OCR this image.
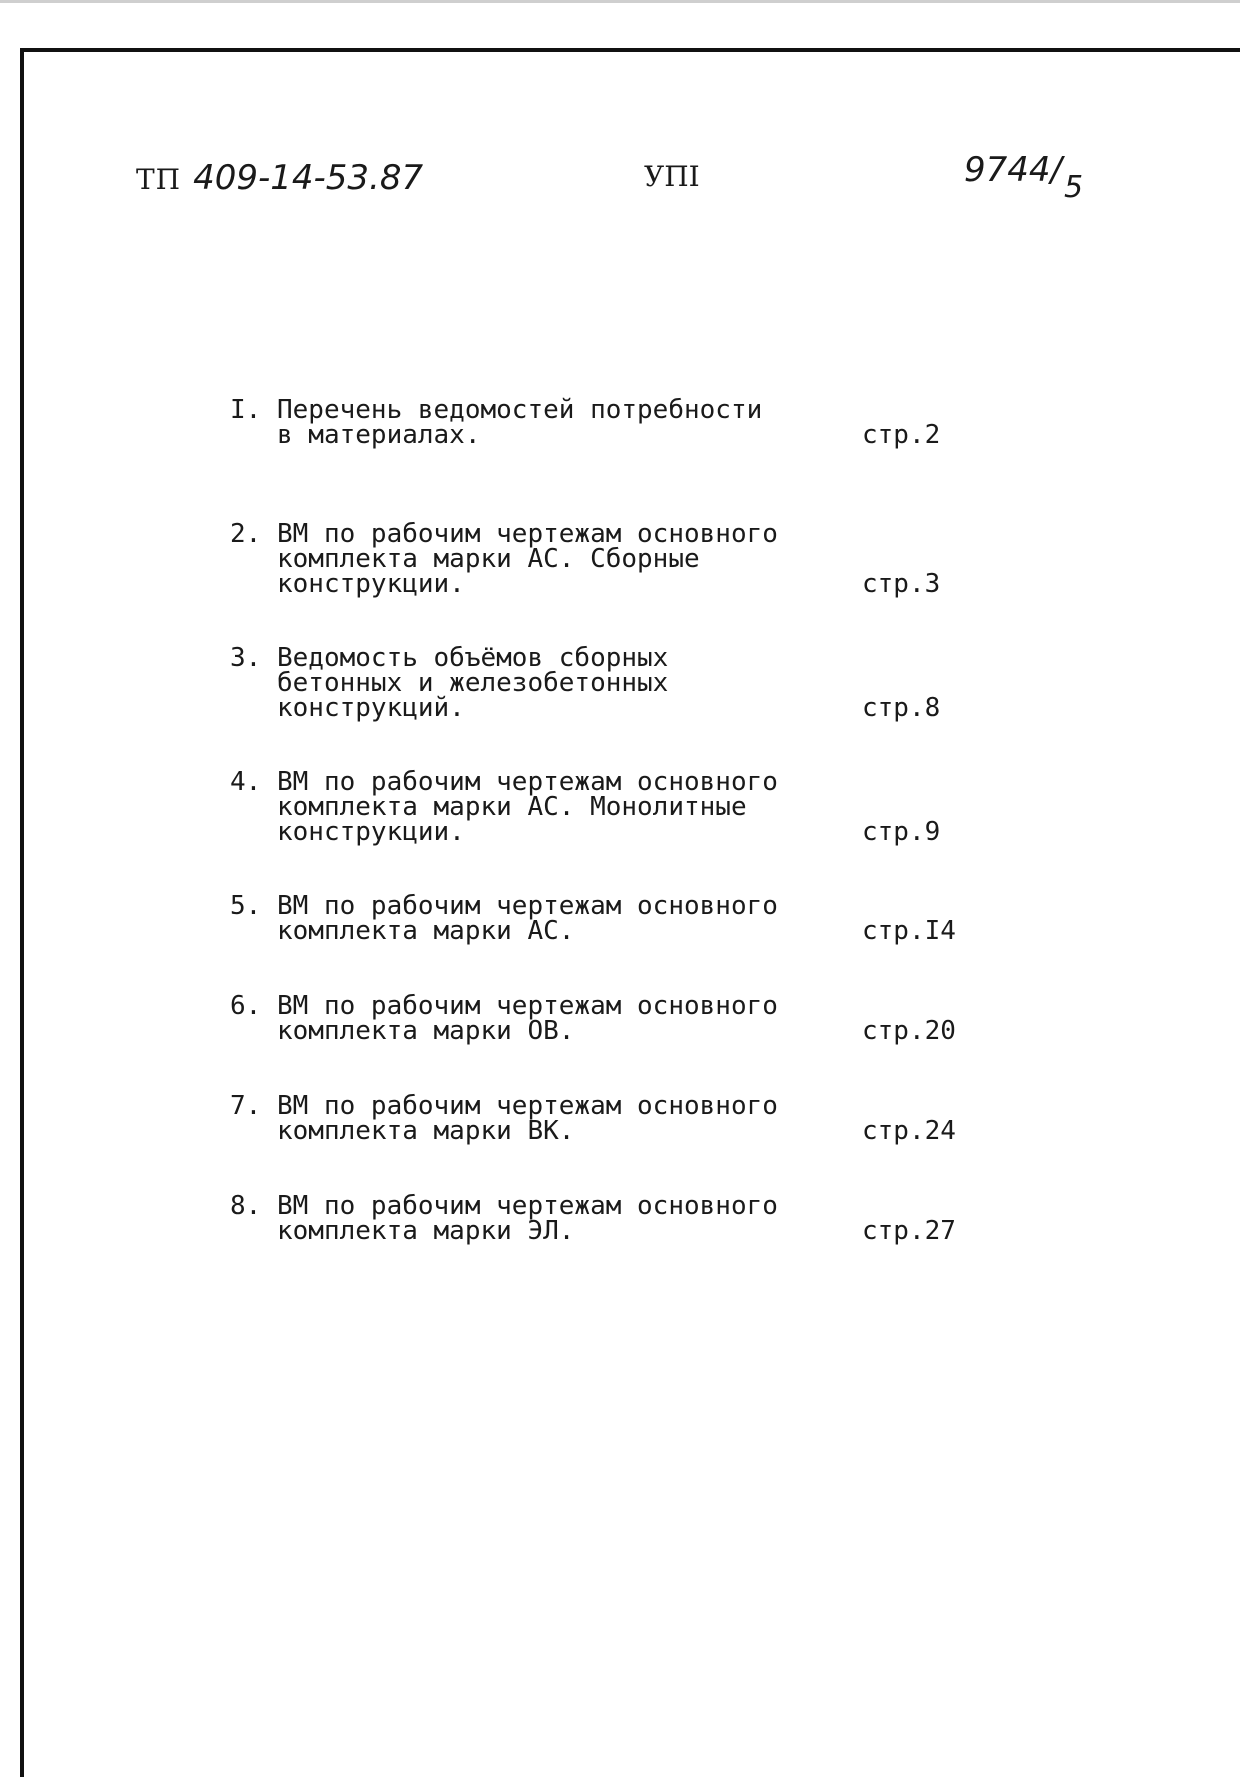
ТП 409-14-53.87	УПI	9744/5
I. Перечень ведомостей потребности
в материалах.	стр.2
2. ВМ по рабочим чертежам основного
комплекта марки АС. Сборные
конструкции.	стр.3
3. Ведомость объёмов сборных
бетонных и железобетонных
конструкций.	стр.8
4. ВМ по рабочим чертежам основного
комплекта марки АС. Монолитные
конструкции.	стр.9
5. ВМ по рабочим чертежам основного
комплекта марки АС.	стр.I4
6. ВМ по рабочим чертежам основного
комплекта марки ОВ.	стр.20
7. ВМ по рабочим чертежам основного
комплекта марки ВК.	стр.24
8. ВМ по рабочим чертежам основного
комплекта марки ЭЛ.	стр.27
